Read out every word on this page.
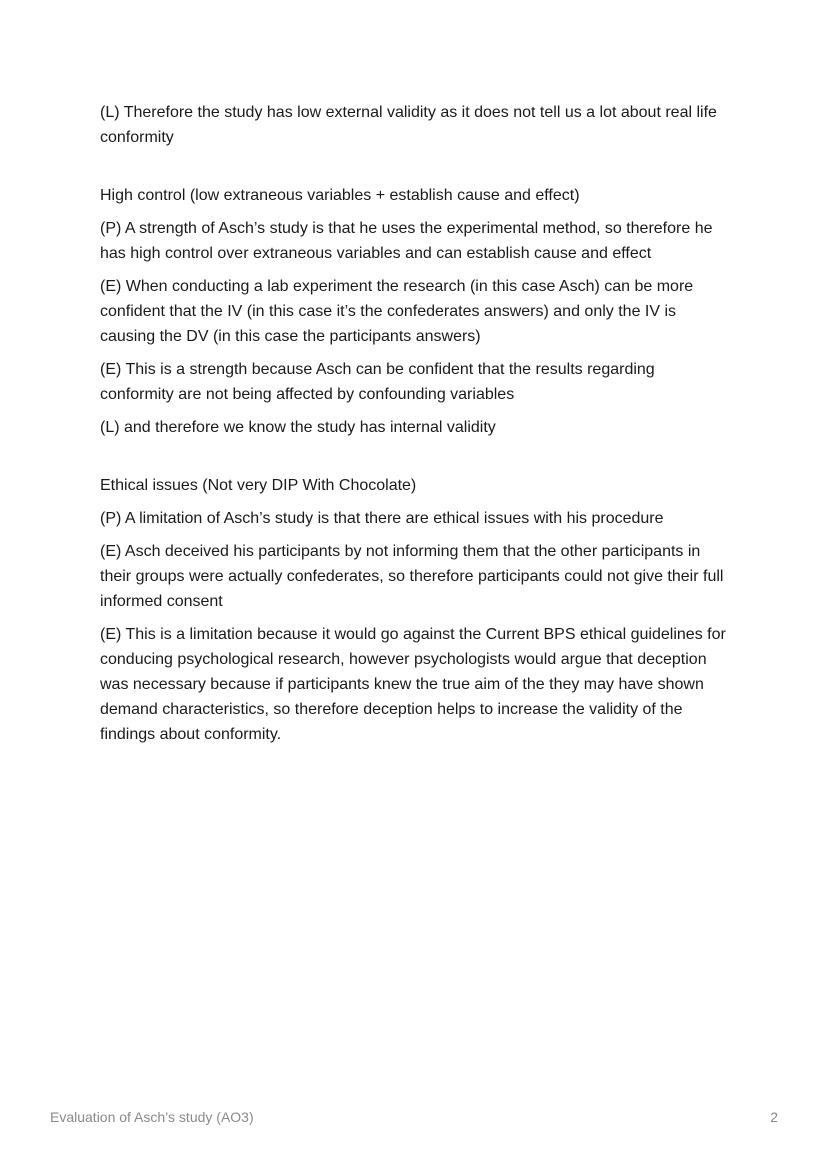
(L) Therefore the study has low external validity as it does not tell us a lot about real life conformity

High control (low extraneous variables + establish cause and effect)

(P) A strength of Asch’s study is that he uses the experimental method, so therefore he has high control over extraneous variables and can establish cause and effect

(E) When conducting a lab experiment the research (in this case Asch) can be more confident that the IV (in this case it’s the confederates answers) and only the IV is causing the DV (in this case the participants answers)

(E) This is a strength because Asch can be confident that the results regarding conformity are not being affected by confounding variables

(L) and therefore we know the study has internal validity

Ethical issues (Not very DIP With Chocolate)

(P) A limitation of Asch’s study is that there are ethical issues with his procedure

(E) Asch deceived his participants by not informing them that the other participants in their groups were actually confederates, so therefore participants could not give their full informed consent

(E) This is a limitation because it would go against the Current BPS ethical guidelines for conducing psychological research, however psychologists would argue that deception was necessary because if participants knew the true aim of the they may have shown demand characteristics, so therefore deception helps to increase the validity of the findings about conformity.

Evaluation of Asch’s study (AO3)	2
